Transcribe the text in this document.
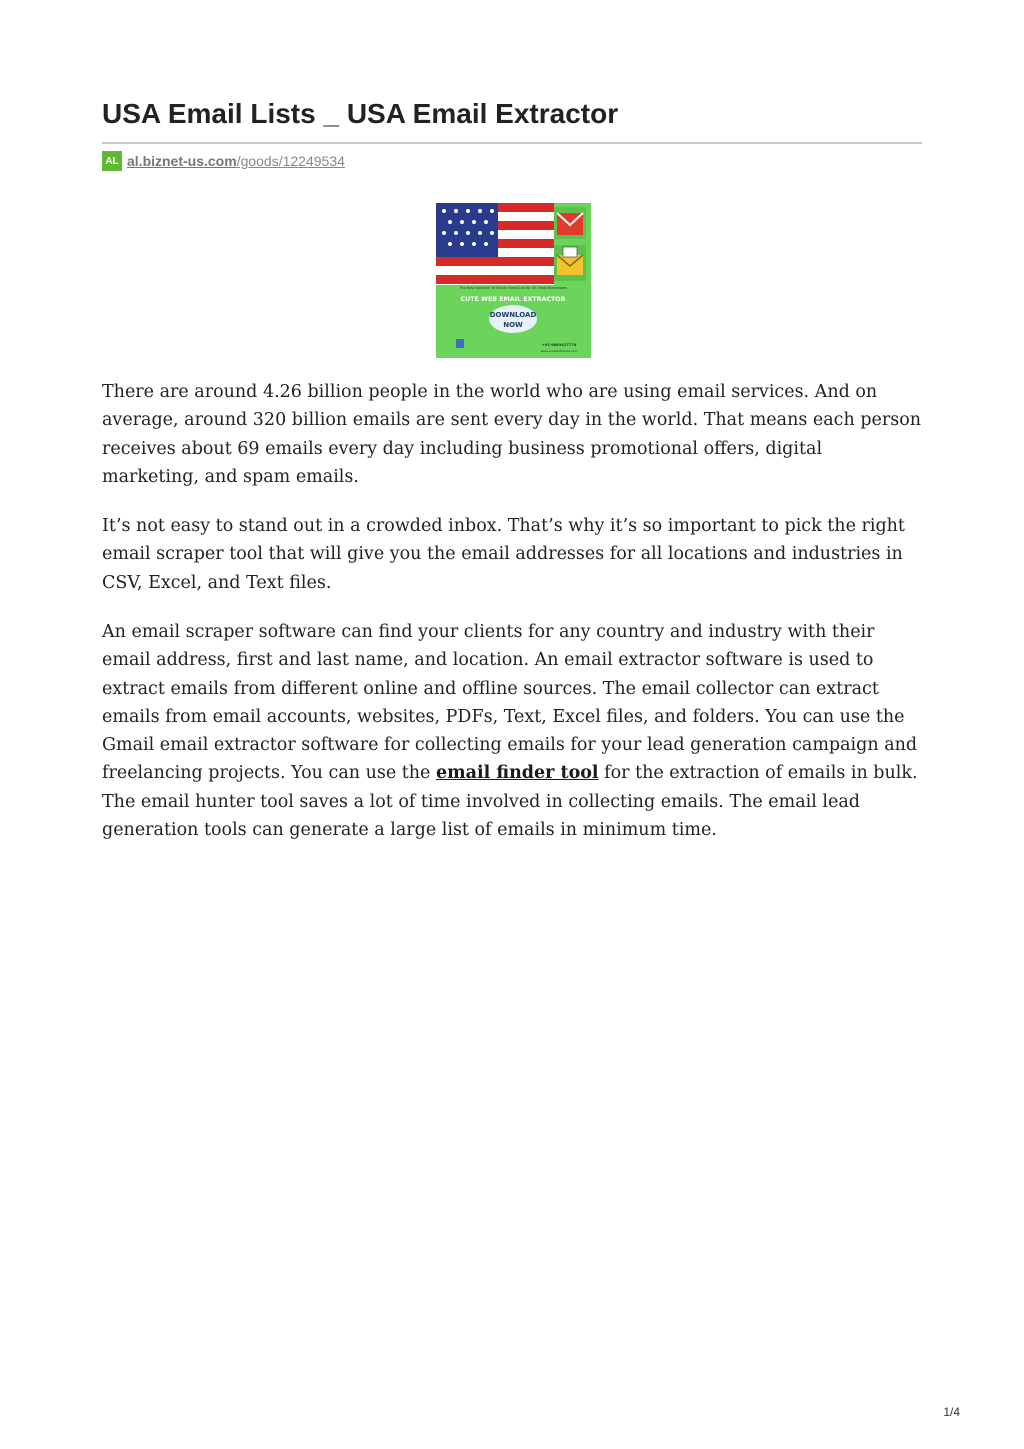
USA Email Lists _ USA Email Extractor
AL al.biznet-us.com /goods/12249534
The Best Software To Get An Email List for US Email Businesses
CUTE WEB EMAIL EXTRACTOR
DOWNLOAD
NOW
+91-9863417774
www.emailsoftware.com

There are around 4.26 billion people in the world who are using email services. And on average, around 320 billion emails are sent every day in the world. That means each person receives about 69 emails every day including business promotional offers, digital marketing, and spam emails.

It’s not easy to stand out in a crowded inbox. That’s why it’s so important to pick the right email scraper tool that will give you the email addresses for all locations and industries in CSV, Excel, and Text files.

An email scraper software can find your clients for any country and industry with their email address, first and last name, and location. An email extractor software is used to extract emails from different online and offline sources. The email collector can extract emails from email accounts, websites, PDFs, Text, Excel files, and folders. You can use the Gmail email extractor software for collecting emails for your lead generation campaign and freelancing projects. You can use the email finder tool for the extraction of emails in bulk. The email hunter tool saves a lot of time involved in collecting emails. The email lead generation tools can generate a large list of emails in minimum time.

1/4
